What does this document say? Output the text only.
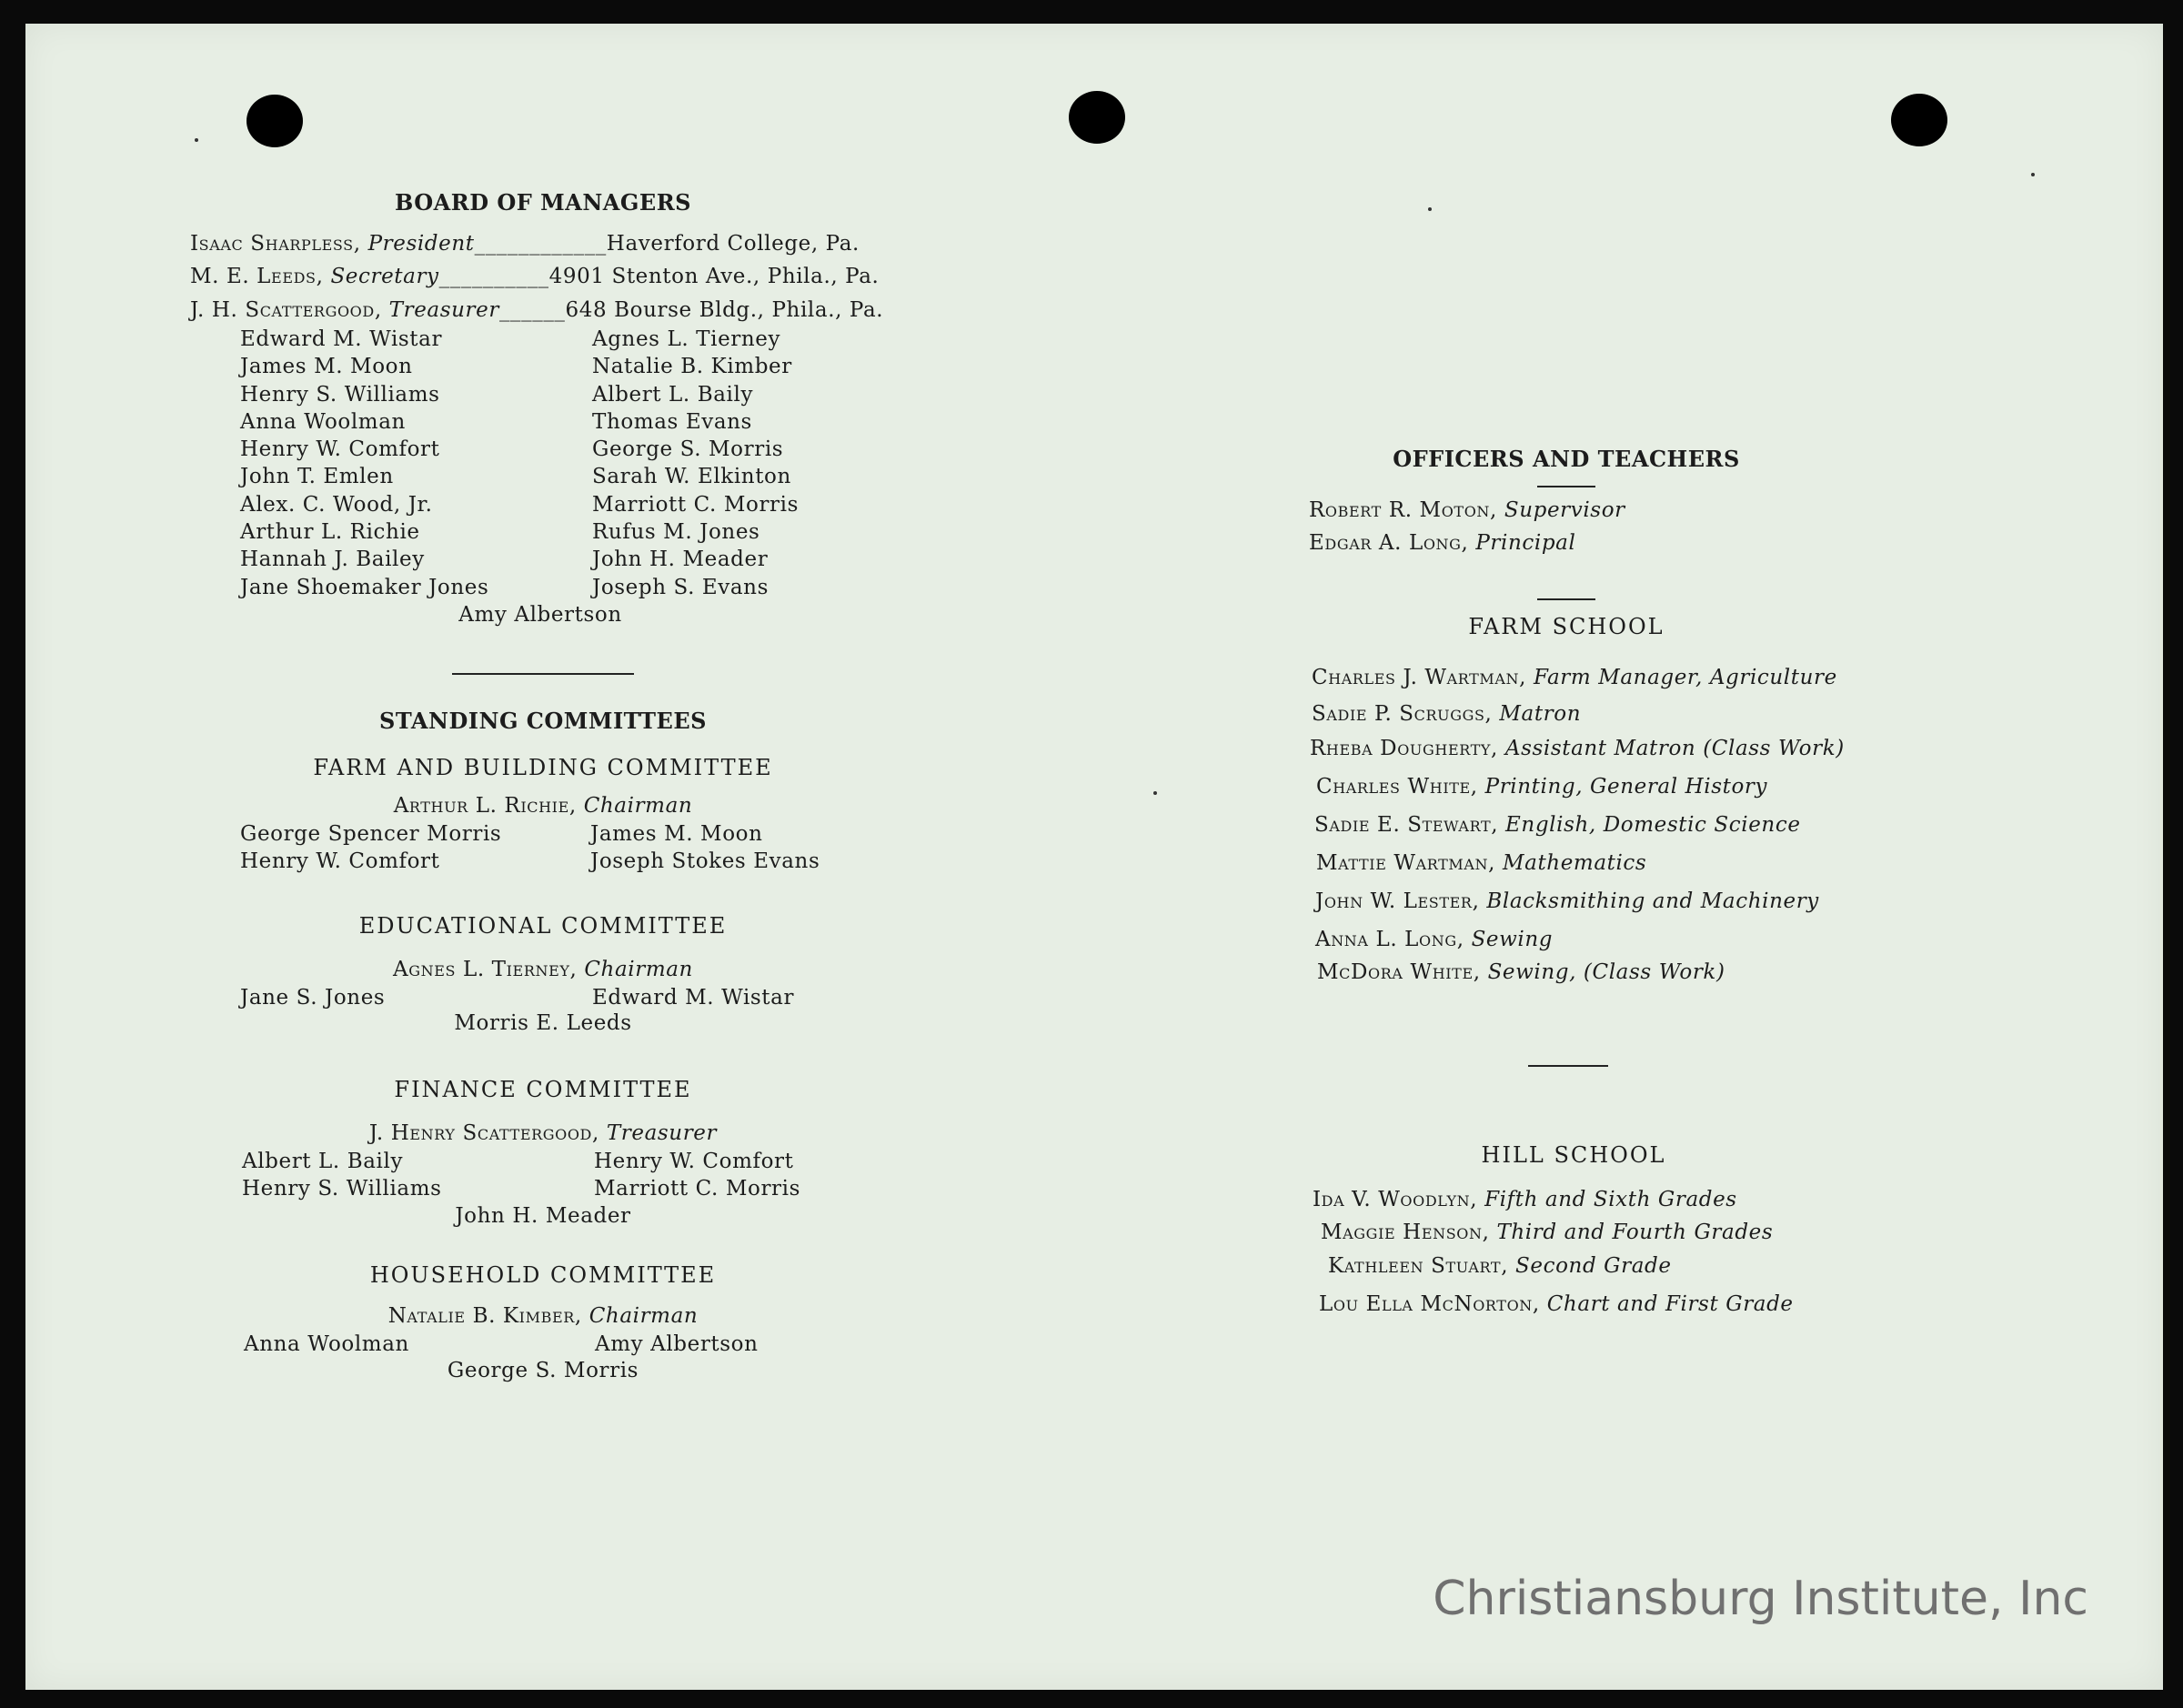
BOARD OF MANAGERS
Isaac Sharpless, President____________Haverford College, Pa.
M. E. Leeds, Secretary__________4901 Stenton Ave., Phila., Pa.
J. H. Scattergood, Treasurer______648 Bourse Bldg., Phila., Pa.
Edward M. Wistar
James M. Moon
Henry S. Williams
Anna Woolman
Henry W. Comfort
John T. Emlen
Alex. C. Wood, Jr.
Arthur L. Richie
Hannah J. Bailey
Jane Shoemaker Jones
Agnes L. Tierney
Natalie B. Kimber
Albert L. Baily
Thomas Evans
George S. Morris
Sarah W. Elkinton
Marriott C. Morris
Rufus M. Jones
John H. Meader
Joseph S. Evans
Amy Albertson
STANDING COMMITTEES
FARM AND BUILDING COMMITTEE
Arthur L. Richie, Chairman
George Spencer Morris
Henry W. Comfort
James M. Moon
Joseph Stokes Evans
EDUCATIONAL COMMITTEE
Agnes L. Tierney, Chairman
Jane S. Jones	Edward M. Wistar
Morris E. Leeds
FINANCE COMMITTEE
J. Henry Scattergood, Treasurer
Albert L. Baily
Henry S. Williams
Henry W. Comfort
Marriott C. Morris
John H. Meader
HOUSEHOLD COMMITTEE
Natalie B. Kimber, Chairman
Anna Woolman	Amy Albertson
George S. Morris
OFFICERS AND TEACHERS
Robert R. Moton, Supervisor
Edgar A. Long, Principal
FARM SCHOOL
Charles J. Wartman, Farm Manager, Agriculture
Sadie P. Scruggs, Matron
Rheba Dougherty, Assistant Matron (Class Work)
Charles White, Printing, General History
Sadie E. Stewart, English, Domestic Science
Mattie Wartman, Mathematics
John W. Lester, Blacksmithing and Machinery
Anna L. Long, Sewing
McDora White, Sewing, (Class Work)
HILL SCHOOL
Ida V. Woodlyn, Fifth and Sixth Grades
Maggie Henson, Third and Fourth Grades
Kathleen Stuart, Second Grade
Lou Ella McNorton, Chart and First Grade
Christiansburg Institute, Inc
